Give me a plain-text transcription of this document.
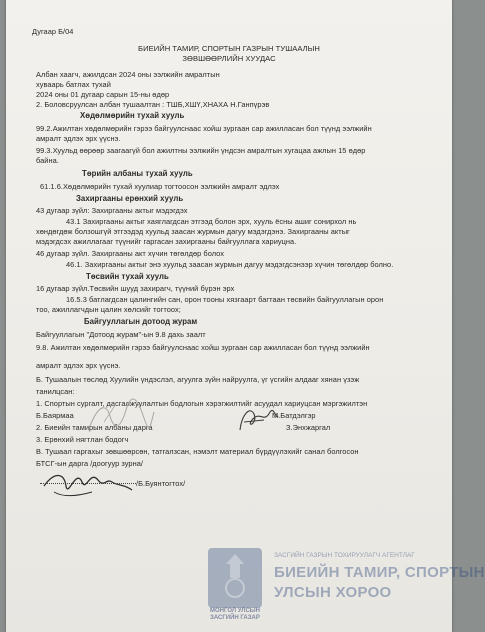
Дугаар Б/04
БИЕИЙН ТАМИР, СПОРТЫН ГАЗРЫН ТУШААЛЫН
ЗӨВШӨӨРЛИЙН ХУУДАС
Албан хаагч, ажилдсан 2024 оны ээлжийн амралтын
хуваарь батлах тухай
2024 оны 01 дугаар сарын 15-ны өдөр
2. Боловсруулсан албан тушаалтан : ТШБ,ХШҮ,ХНАХА Н.Ганпүрэв
Хөдөлмөрийн тухай хууль
99.2.Ажилтан хөдөлмөрийн гэрээ байгуулснаас хойш зургаан сар ажилласан бол түүнд ээлжийн
амралт эдлэх эрх үүснэ.
99.3.Хуульд өөрөөр заагаагүй бол ажилтны ээлжийн үндсэн амралтын хугацаа ажлын 15 өдөр
байна.
Төрийн албаны тухай хууль
61.1.6.Хөдөлмөрийн тухай хуулиар тогтоосон ээлжийн амралт эдлэх
Захиргааны ерөнхий хууль
43 дугаар зүйл: Захиргааны актыг мэдэгдэх
43.1 Захиргааны актыг хаяглагдсан этгээд болон эрх, хууль ёсны ашиг сонирхол нь
хөндөгдөж болзошгүй этгээдэд хуульд заасан журмын дагуу мэдэгдэнэ. Захиргааны актыг
мэдэгдсэх ажиллагааг түүнийг гаргасан захиргааны байгууллага хариуцна.
46 дугаар зүйл. Захиргааны акт хүчин төгөлдөр болох
46.1. Захиргааны актыг энэ хуульд заасан журмын дагуу мэдэгдсэнээр хүчин төгөлдөр болно.
Төсвийн тухай хууль
16 дугаар зүйл.Төсвийн шууд захирагч, түүний бүрэн эрх
16.5.3 батлагдсан цалингийн сан, орон тооны хязгаарт багтаан төсвийн байгууллагын орон
тоо, ажиллагчдын цалин хөлсийг тогтоох;
Байгууллагын дотоод журам
Байгууллагын "Дотоод журам"-ын 9.8 дахь заалт
9.8. Ажилтан хөдөлмөрийн гэрээ байгуулснаас хойш зургаан сар ажилласан бол түүнд ээлжийн
амралт эдлэх эрх үүснэ.
Б. Тушаалын төслөд Хуулийн үндэслэл, агуулга зүйн найруулга, үг үсгийн алдааг хянан үзэж
танилцсан:
1. Спортын сургалт, дасгалжуулалтын бодлогын хэрэгжилтийг асуудал хариуцсан мэргэжилтэн
Б.Баярмаа
2. Биеийн тамирын албаны дарга
3. Ерөнхий нягтлан бодогч
В. Тушаал гаргахыг зөвшөөрсөн, татгалзсан, нэмэлт материал бүрдүүлэхийг санал болгосон
БТСГ-ын дарга /доогуур зурна/
М.Батдэлгэр
З.Энхжаргал
/Б.Буянтогтох/
МОНГОЛ УЛСЫН ЗАСГИЙН ГАЗАР
ЗАСГИЙН ГАЗРЫН ТОХИРУУЛАГЧ АГЕНТЛАГ
БИЕИЙН ТАМИР, СПОРТЫН
УЛСЫН ХОРОО
